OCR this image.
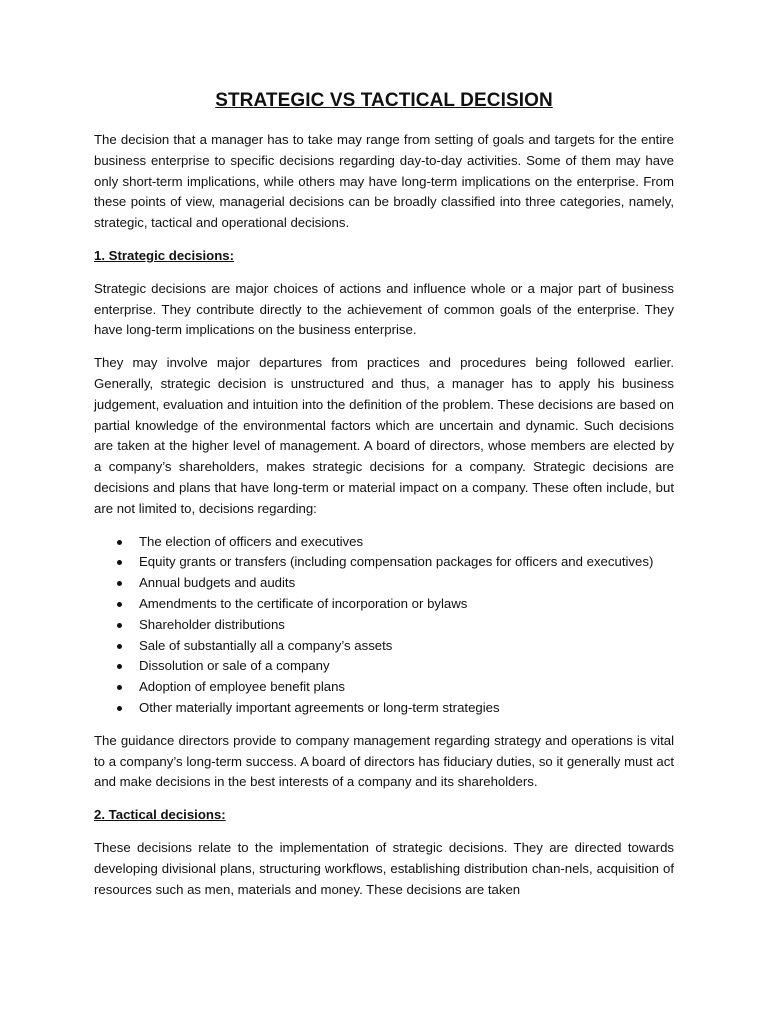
STRATEGIC VS TACTICAL DECISION

The decision that a manager has to take may range from setting of goals and targets for the entire business enterprise to specific decisions regarding day-to-day activities. Some of them may have only short-term implications, while others may have long-term implications on the enterprise. From these points of view, managerial decisions can be broadly classified into three categories, namely, strategic, tactical and operational decisions.

1. Strategic decisions:

Strategic decisions are major choices of actions and influence whole or a major part of business enterprise. They contribute directly to the achievement of common goals of the enterprise. They have long-term implications on the business enterprise.

They may involve major departures from practices and procedures being followed earlier. Generally, strategic decision is unstructured and thus, a manager has to apply his business judgement, evaluation and intuition into the definition of the problem. These decisions are based on partial knowledge of the environmental factors which are uncertain and dynamic. Such decisions are taken at the higher level of management. A board of directors, whose members are elected by a company’s shareholders, makes strategic decisions for a company. Strategic decisions are decisions and plans that have long-term or material impact on a company. These often include, but are not limited to, decisions regarding:

The election of officers and executives
Equity grants or transfers (including compensation packages for officers and executives)
Annual budgets and audits
Amendments to the certificate of incorporation or bylaws
Shareholder distributions
Sale of substantially all a company’s assets
Dissolution or sale of a company
Adoption of employee benefit plans
Other materially important agreements or long-term strategies

The guidance directors provide to company management regarding strategy and operations is vital to a company’s long-term success. A board of directors has fiduciary duties, so it generally must act and make decisions in the best interests of a company and its shareholders.

2. Tactical decisions:

These decisions relate to the implementation of strategic decisions. They are directed towards developing divisional plans, structuring workflows, establishing distribution chan-nels, acquisition of resources such as men, materials and money. These decisions are taken
